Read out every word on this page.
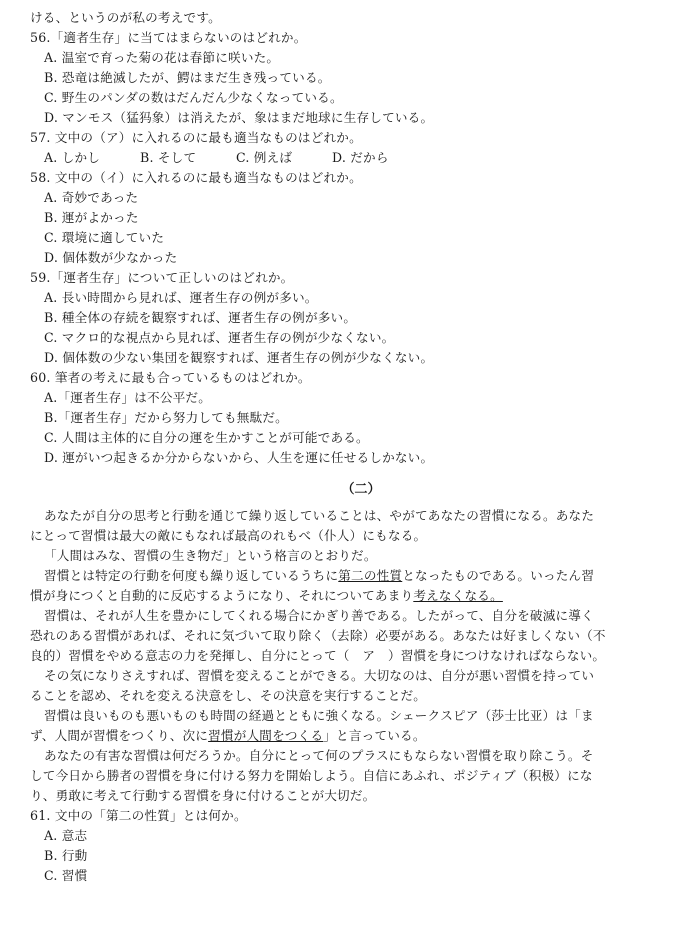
ける、というのが私の考えです。
56.「適者生存」に当てはまらないのはどれか。
A. 温室で育った菊の花は春節に咲いた。
B. 恐竜は絶滅したが、鰐はまだ生き残っている。
C. 野生のパンダの数はだんだん少なくなっている。
D. マンモス（猛犸象）は消えたが、象はまだ地球に生存している。
57. 文中の（ア）に入れるのに最も適当なものはどれか。
A. しかし	B. そして	C. 例えば	D. だから
58. 文中の（イ）に入れるのに最も適当なものはどれか。
A. 奇妙であった
B. 運がよかった
C. 環境に適していた
D. 個体数が少なかった
59.「運者生存」について正しいのはどれか。
A. 長い時間から見れば、運者生存の例が多い。
B. 種全体の存続を観察すれば、運者生存の例が多い。
C. マクロ的な視点から見れば、運者生存の例が少なくない。
D. 個体数の少ない集団を観察すれば、運者生存の例が少なくない。
60. 筆者の考えに最も合っているものはどれか。
A.「運者生存」は不公平だ。
B.「運者生存」だから努力しても無駄だ。
C. 人間は主体的に自分の運を生かすことが可能である。
D. 運がいつ起きるか分からないから、人生を運に任せるしかない。
（二）
あなたが自分の思考と行動を通じて繰り返していることは、やがてあなたの習慣になる。あなた
にとって習慣は最大の敵にもなれば最高のれもべ（仆人）にもなる。
「人間はみな、習慣の生き物だ」という格言のとおりだ。
習慣とは特定の行動を何度も繰り返しているうちに第二の性質となったものである。いったん習
慣が身につくと自動的に反応するようになり、それについてあまり考えなくなる。
習慣は、それが人生を豊かにしてくれる場合にかぎり善である。したがって、自分を破滅に導く
恐れのある習慣があれば、それに気づいて取り除く（去除）必要がある。あなたは好ましくない（不
良的）習慣をやめる意志の力を発揮し、自分にとって（　ア　）習慣を身につけなければならない。
その気になりさえすれば、習慣を変えることができる。大切なのは、自分が悪い習慣を持ってい
ることを認め、それを変える決意をし、その決意を実行することだ。
習慣は良いものも悪いものも時間の経過とともに強くなる。シェークスピア（莎士比亚）は「ま
ず、人間が習慣をつくり、次に習慣が人間をつくる」と言っている。
あなたの有害な習慣は何だろうか。自分にとって何のプラスにもならない習慣を取り除こう。そ
して今日から勝者の習慣を身に付ける努力を開始しよう。自信にあふれ、ポジティブ（积极）にな
り、勇敢に考えて行動する習慣を身に付けることが大切だ。
61. 文中の「第二の性質」とは何か。
A. 意志
B. 行動
C. 習慣
